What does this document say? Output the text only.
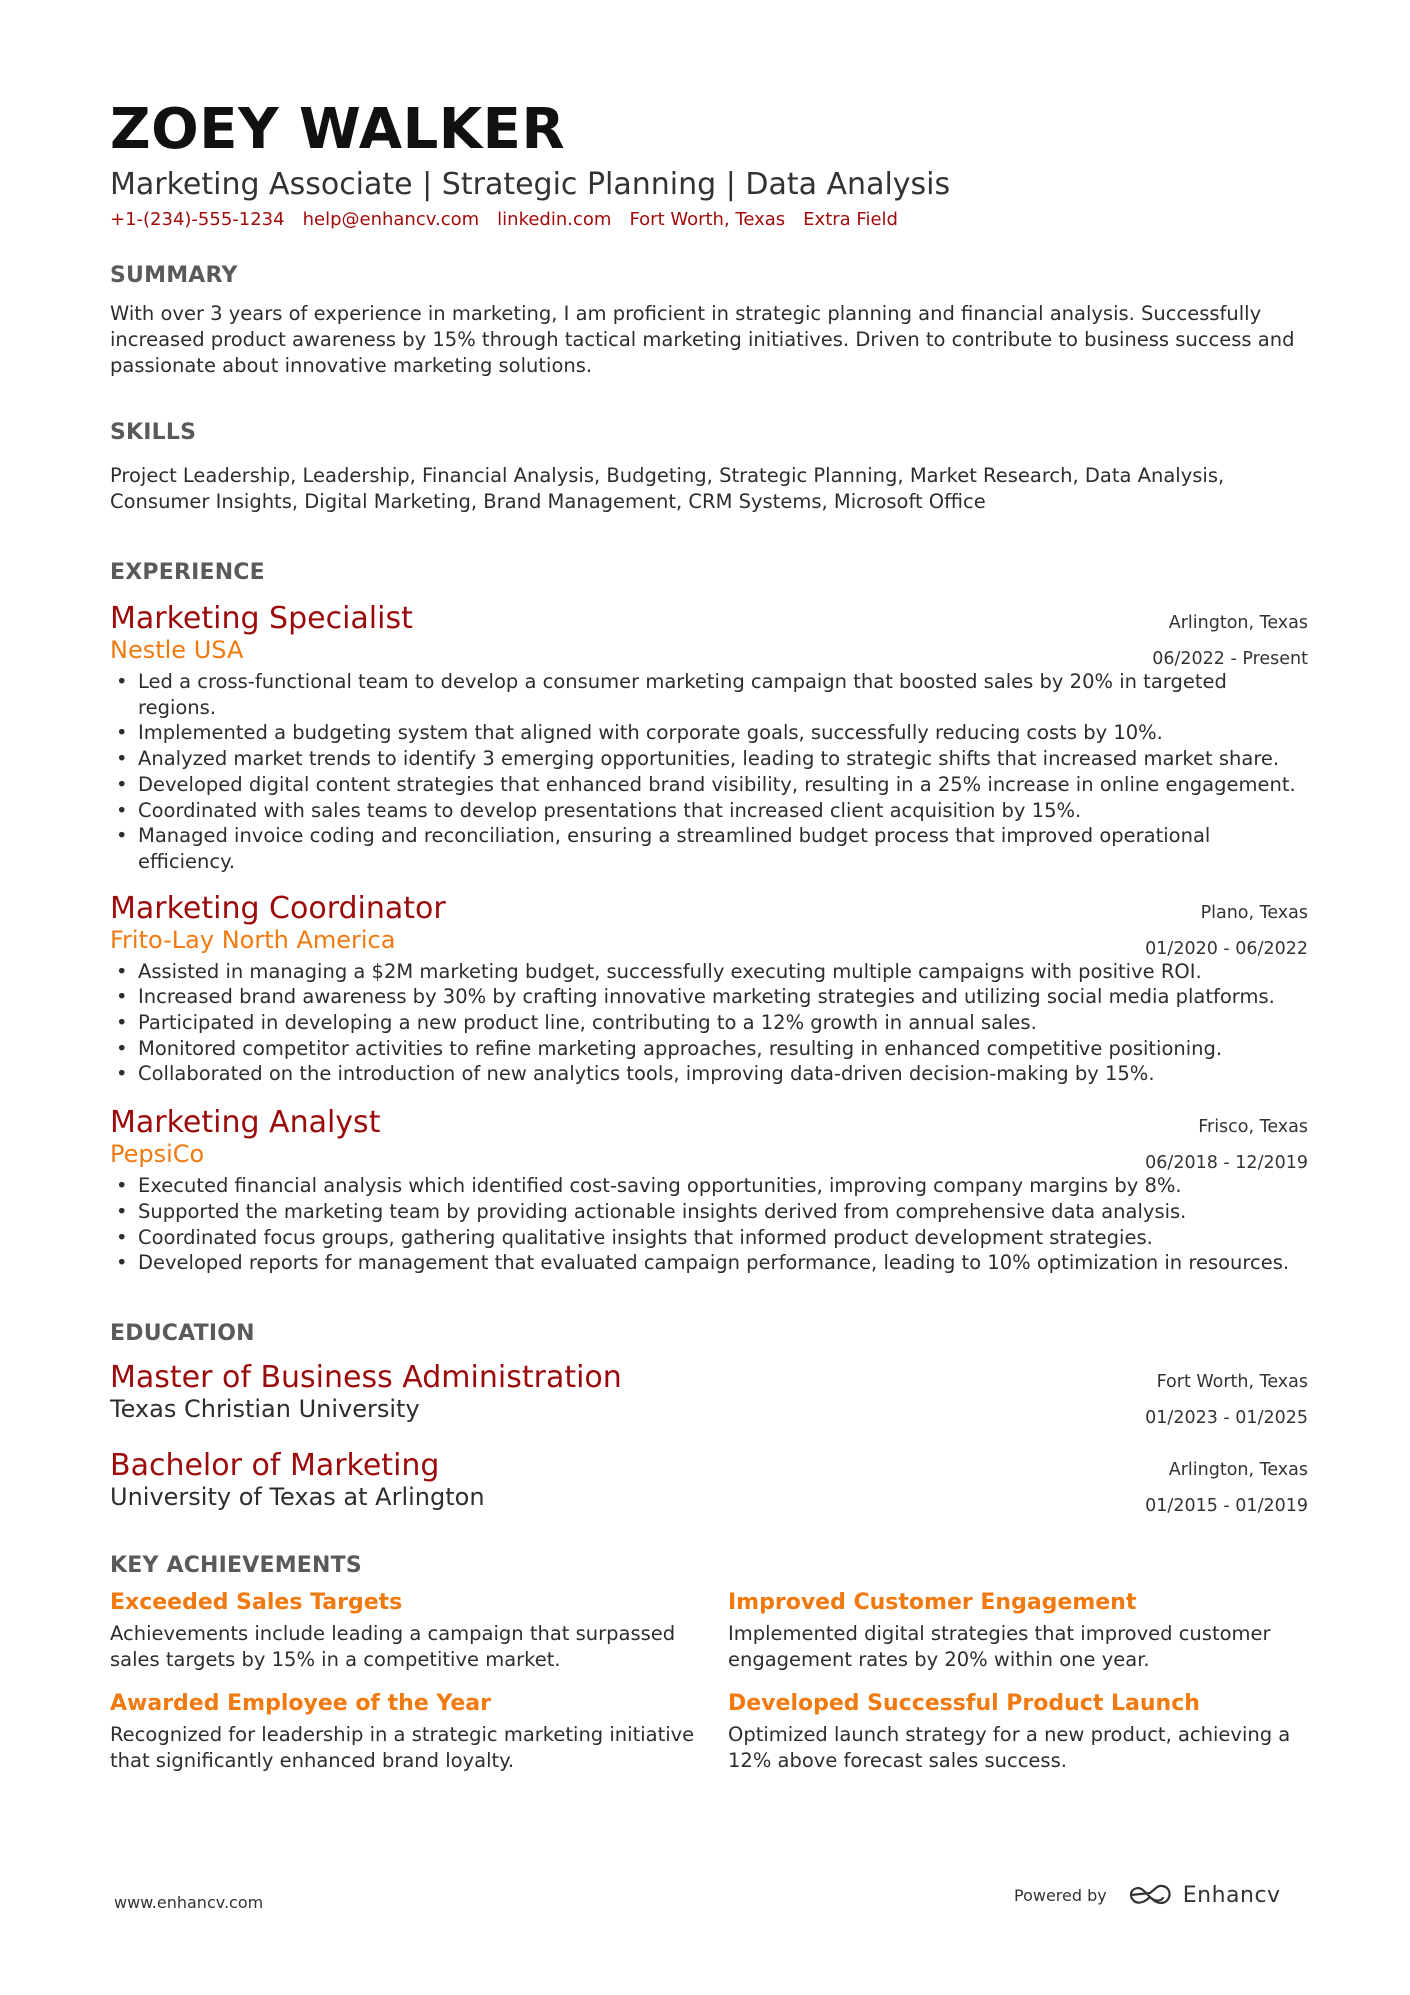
ZOEY WALKER
Marketing Associate | Strategic Planning | Data Analysis
+1-(234)-555-1234 help@enhancv.com linkedin.com Fort Worth, Texas Extra Field
SUMMARY
With over 3 years of experience in marketing, I am proficient in strategic planning and financial analysis. Successfully increased product awareness by 15% through tactical marketing initiatives. Driven to contribute to business success and passionate about innovative marketing solutions.
SKILLS
Project Leadership, Leadership, Financial Analysis, Budgeting, Strategic Planning, Market Research, Data Analysis, Consumer Insights, Digital Marketing, Brand Management, CRM Systems, Microsoft Office
EXPERIENCE
Marketing Specialist
Nestle USA
Arlington, Texas
06/2022 - Present
• Led a cross-functional team to develop a consumer marketing campaign that boosted sales by 20% in targeted regions.
• Implemented a budgeting system that aligned with corporate goals, successfully reducing costs by 10%.
• Analyzed market trends to identify 3 emerging opportunities, leading to strategic shifts that increased market share.
• Developed digital content strategies that enhanced brand visibility, resulting in a 25% increase in online engagement.
• Coordinated with sales teams to develop presentations that increased client acquisition by 15%.
• Managed invoice coding and reconciliation, ensuring a streamlined budget process that improved operational efficiency.
Marketing Coordinator
Frito-Lay North America
Plano, Texas
01/2020 - 06/2022
• Assisted in managing a $2M marketing budget, successfully executing multiple campaigns with positive ROI.
• Increased brand awareness by 30% by crafting innovative marketing strategies and utilizing social media platforms.
• Participated in developing a new product line, contributing to a 12% growth in annual sales.
• Monitored competitor activities to refine marketing approaches, resulting in enhanced competitive positioning.
• Collaborated on the introduction of new analytics tools, improving data-driven decision-making by 15%.
Marketing Analyst
PepsiCo
Frisco, Texas
06/2018 - 12/2019
• Executed financial analysis which identified cost-saving opportunities, improving company margins by 8%.
• Supported the marketing team by providing actionable insights derived from comprehensive data analysis.
• Coordinated focus groups, gathering qualitative insights that informed product development strategies.
• Developed reports for management that evaluated campaign performance, leading to 10% optimization in resources.
EDUCATION
Master of Business Administration
Texas Christian University
Fort Worth, Texas
01/2023 - 01/2025
Bachelor of Marketing
University of Texas at Arlington
Arlington, Texas
01/2015 - 01/2019
KEY ACHIEVEMENTS
Exceeded Sales Targets
Achievements include leading a campaign that surpassed sales targets by 15% in a competitive market.
Improved Customer Engagement
Implemented digital strategies that improved customer engagement rates by 20% within one year.
Awarded Employee of the Year
Recognized for leadership in a strategic marketing initiative that significantly enhanced brand loyalty.
Developed Successful Product Launch
Optimized launch strategy for a new product, achieving a 12% above forecast sales success.
www.enhancv.com	Powered by	Enhancv
